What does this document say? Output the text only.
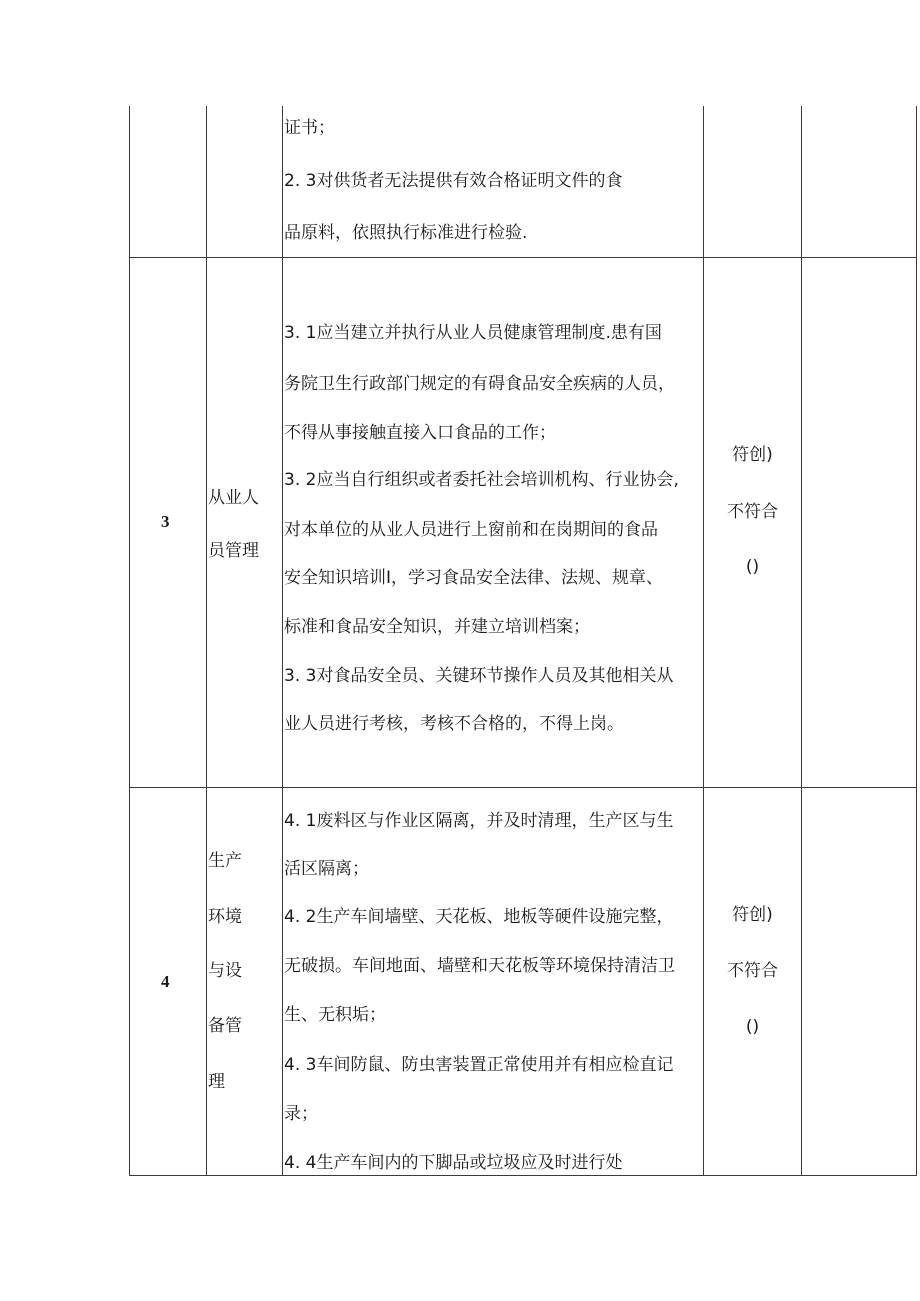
证书；
2. 3对供货者无法提供有效合格证明文件的食
品原料，依照执行标准进行检验.
3
从业人
员管理
3. 1应当建立并执行从业人员健康管理制度.患有国
务院卫生行政部门规定的有碍食品安全疾病的人员，
不得从事接触直接入口食品的工作；
3. 2应当自行组织或者委托社会培训机构、行业协会,
对本单位的从业人员进行上窗前和在岗期间的食品
安全知识培训I，学习食品安全法律、法规、规章、
标准和食品安全知识，并建立培训档案；
3. 3对食品安全员、关键环节操作人员及其他相关从
业人员进行考核，考核不合格的，不得上岗。
符创)
不符合
()
4
生产
环境
与设
备管
理
4. 1废料区与作业区隔离，并及时清理，生产区与生
活区隔离；
4. 2生产车间墙壁、天花板、地板等硬件设施完整，
无破损。车间地面、墙壁和天花板等环境保持清洁卫
生、无积垢；
4. 3车间防鼠、防虫害装置正常使用并有相应检直记
录；
4. 4生产车间内的下脚品或垃圾应及时进行处
符创)
不符合
()
